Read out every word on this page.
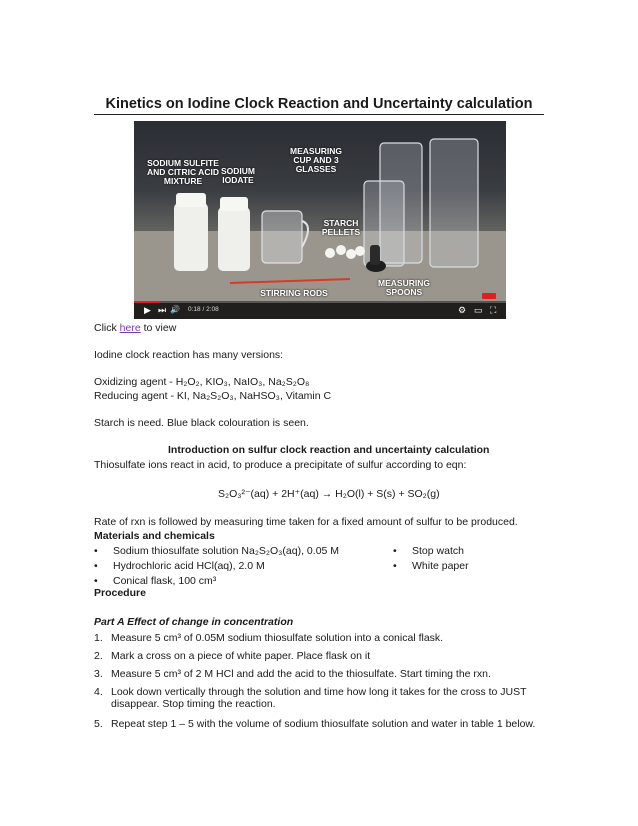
Kinetics on Iodine Clock Reaction and Uncertainty calculation
SODIUM SULFITE AND CITRIC ACID MIXTURE
SODIUM IODATE
MEASURING CUP AND 3 GLASSES
STARCH PELLETS
STIRRING RODS
MEASURING SPOONS
▶ ⏭ 🔊 0:18 / 2:08	⚙ ▭ ⛶
Click here to view
Iodine clock reaction has many versions:
Oxidizing agent - H₂O₂, KIO₃, NaIO₃, Na₂S₂O₈
Reducing agent - KI, Na₂S₂O₃, NaHSO₃, Vitamin C
Starch is need. Blue black colouration is seen.
Introduction on sulfur clock reaction and uncertainty calculation
Thiosulfate ions react in acid, to produce a precipitate of sulfur according to eqn:
S₂O₃²⁻(aq) + 2H⁺(aq) → H₂O(l) + S(s) + SO₂(g)
Rate of rxn is followed by measuring time taken for a fixed amount of sulfur to be produced.
Materials and chemicals
• Sodium thiosulfate solution Na₂S₂O₃(aq), 0.05 M
• Hydrochloric acid HCl(aq), 2.0 M
• Conical flask, 100 cm³
• Stop watch
• White paper
Procedure
Part A Effect of change in concentration
1. Measure 5 cm³ of 0.05M sodium thiosulfate solution into a conical flask.
2. Mark a cross on a piece of white paper. Place flask on it
3. Measure 5 cm³ of 2 M HCl and add the acid to the thiosulfate. Start timing the rxn.
4. Look down vertically through the solution and time how long it takes for the cross to JUST disappear. Stop timing the reaction.
5. Repeat step 1 – 5 with the volume of sodium thiosulfate solution and water in table 1 below.
